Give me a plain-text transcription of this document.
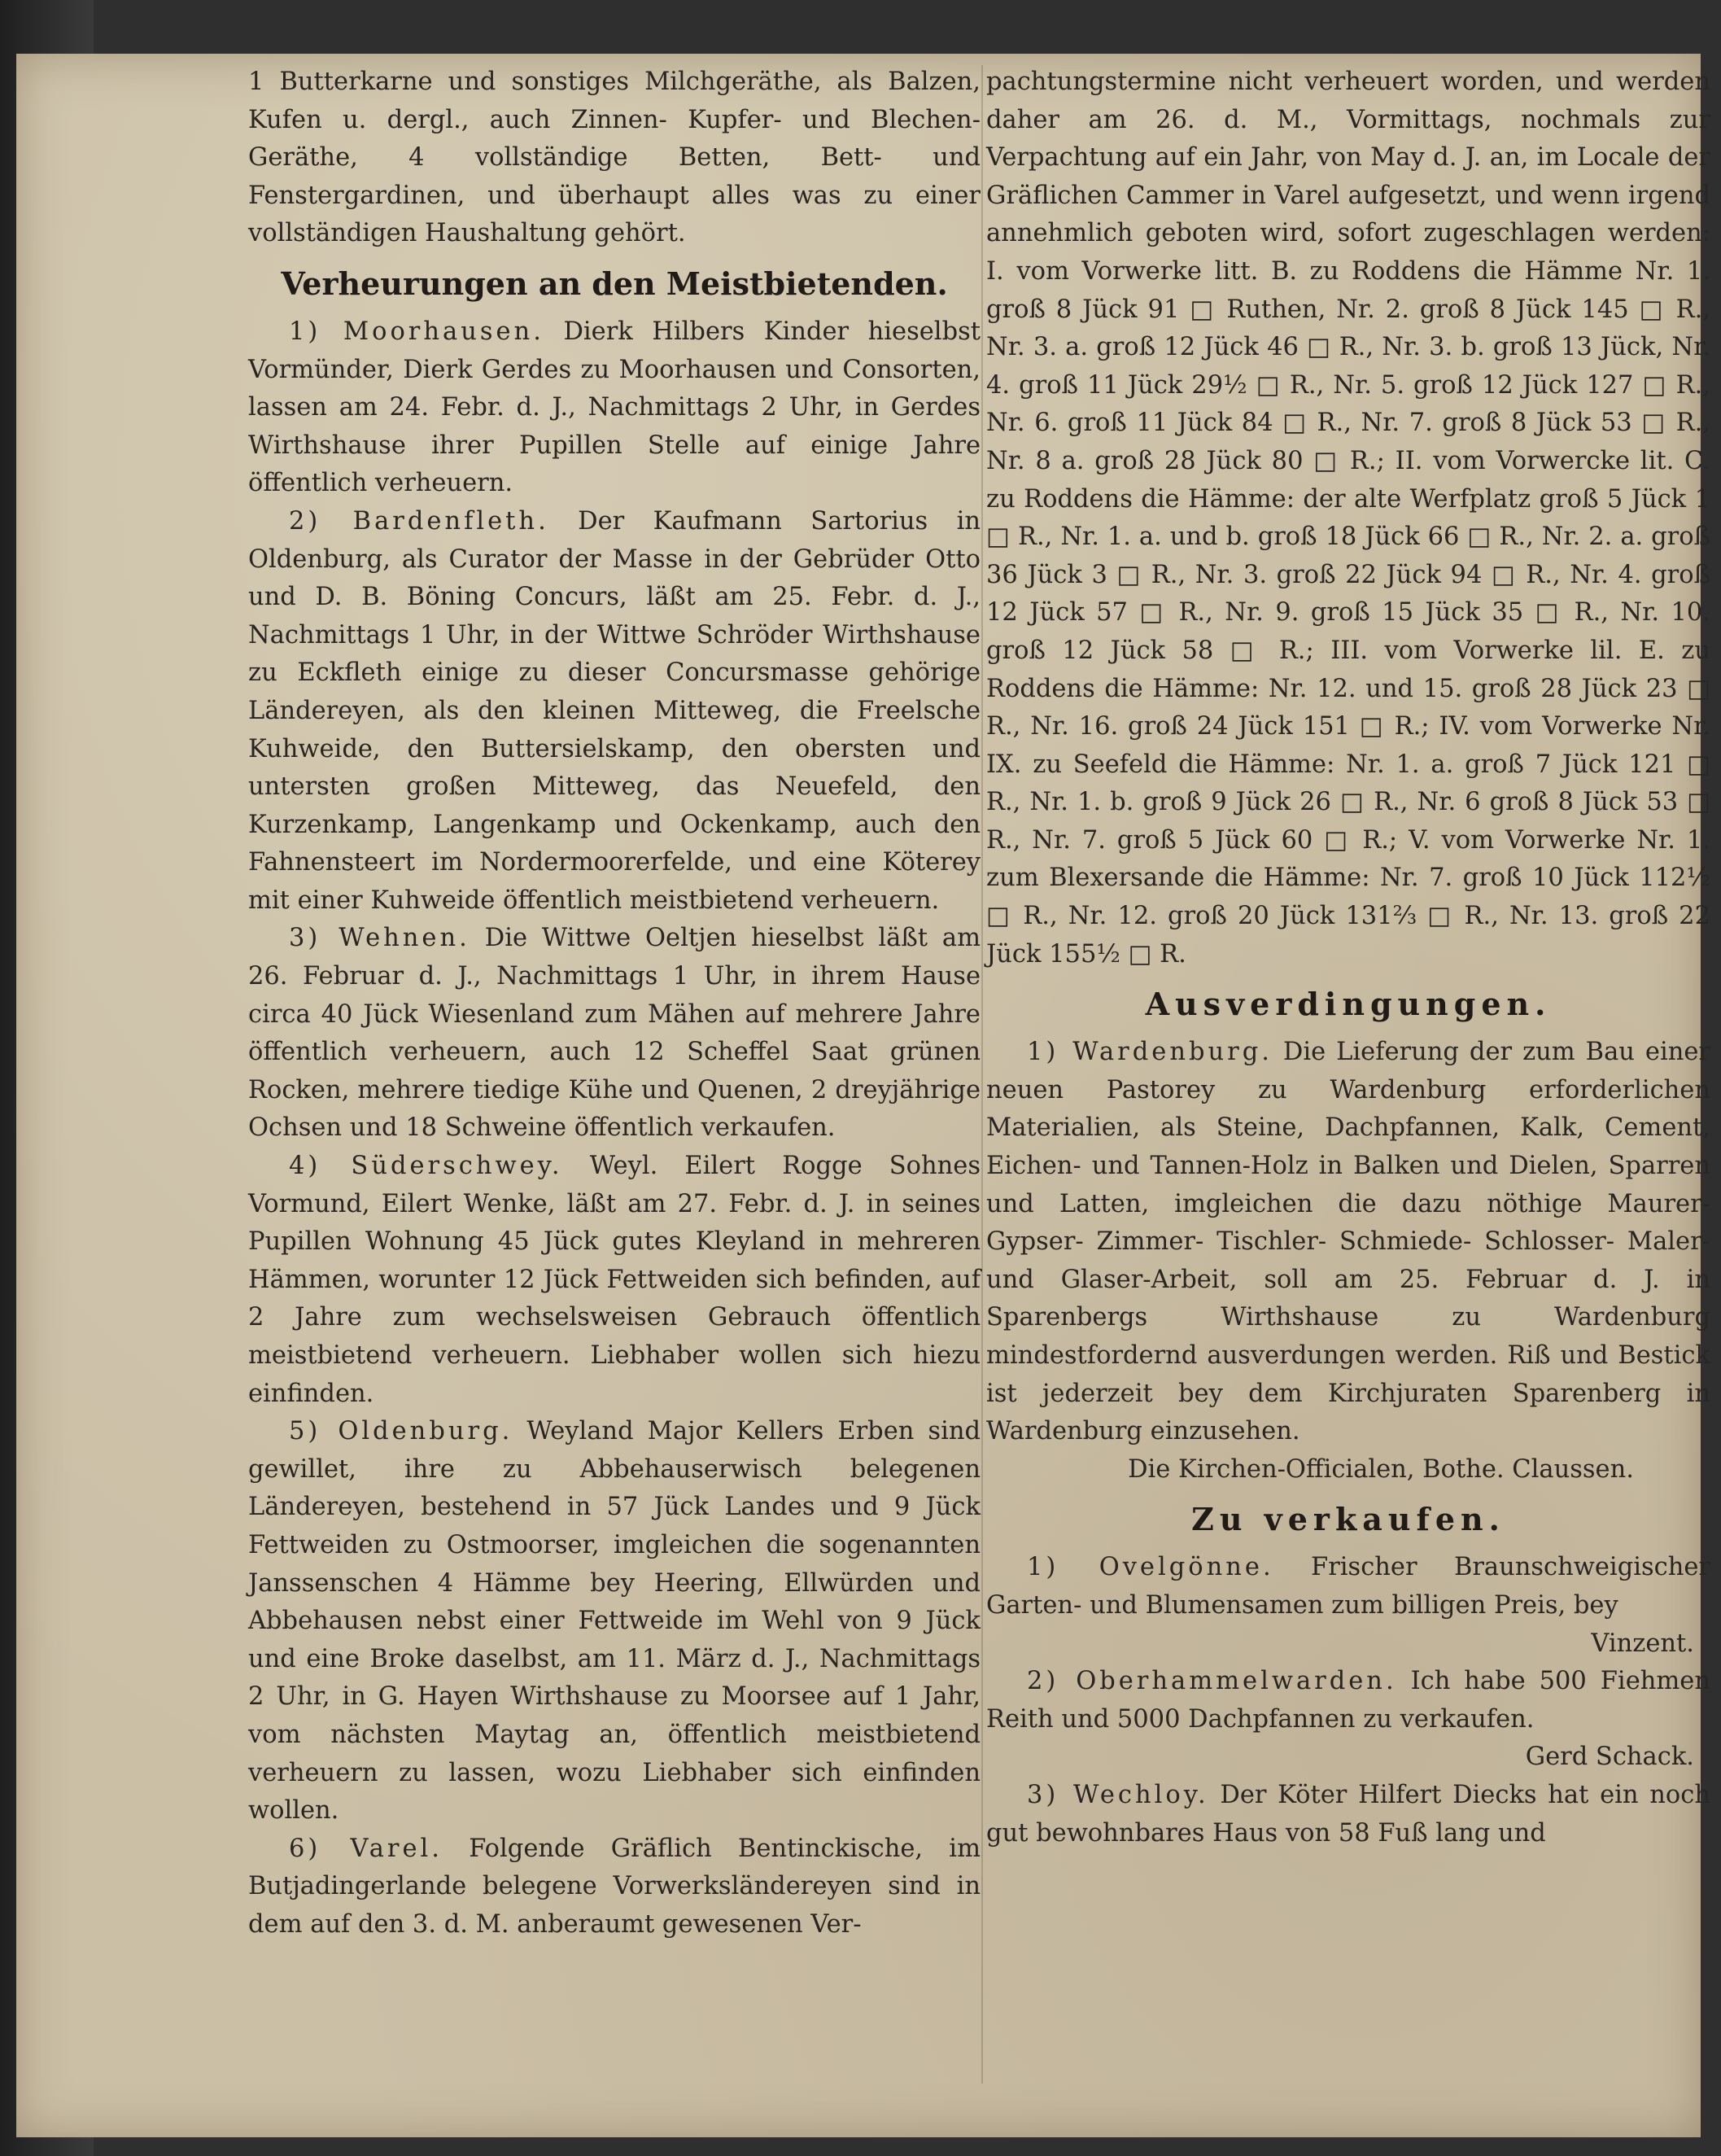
1 Butterkarne und sonstiges Milchgeräthe, als Balzen, Kufen u. dergl., auch Zinnen- Kupfer- und Blechen-Geräthe, 4 vollständige Betten, Bett- und Fenstergardinen, und überhaupt alles was zu einer vollständigen Haushaltung gehört.

Verheurungen an den Meistbietenden.

1) Moorhausen. Dierk Hilbers Kinder hieselbst Vormünder, Dierk Gerdes zu Moorhausen und Consorten, lassen am 24. Febr. d. J., Nachmittags 2 Uhr, in Gerdes Wirthshause ihrer Pupillen Stelle auf einige Jahre öffentlich verheuern.

2) Bardenfleth. Der Kaufmann Sartorius in Oldenburg, als Curator der Masse in der Gebrüder Otto und D. B. Böning Concurs, läßt am 25. Febr. d. J., Nachmittags 1 Uhr, in der Wittwe Schröder Wirthshause zu Eckfleth einige zu dieser Concursmasse gehörige Ländereyen, als den kleinen Mitteweg, die Freelsche Kuhweide, den Buttersielskamp, den obersten und untersten großen Mitteweg, das Neuefeld, den Kurzenkamp, Langenkamp und Ockenkamp, auch den Fahnensteert im Nordermoorerfelde, und eine Köterey mit einer Kuhweide öffentlich meistbietend verheuern.

3) Wehnen. Die Wittwe Oeltjen hieselbst läßt am 26. Februar d. J., Nachmittags 1 Uhr, in ihrem Hause circa 40 Jück Wiesenland zum Mähen auf mehrere Jahre öffentlich verheuern, auch 12 Scheffel Saat grünen Rocken, mehrere tiedige Kühe und Quenen, 2 dreyjährige Ochsen und 18 Schweine öffentlich verkaufen.

4) Süderschwey. Weyl. Eilert Rogge Sohnes Vormund, Eilert Wenke, läßt am 27. Febr. d. J. in seines Pupillen Wohnung 45 Jück gutes Kleyland in mehreren Hämmen, worunter 12 Jück Fettweiden sich befinden, auf 2 Jahre zum wechselsweisen Gebrauch öffentlich meistbietend verheuern. Liebhaber wollen sich hiezu einfinden.

5) Oldenburg. Weyland Major Kellers Erben sind gewillet, ihre zu Abbehauserwisch belegenen Ländereyen, bestehend in 57 Jück Landes und 9 Jück Fettweiden zu Ostmoorser, imgleichen die sogenannten Janssenschen 4 Hämme bey Heering, Ellwürden und Abbehausen nebst einer Fettweide im Wehl von 9 Jück und eine Broke daselbst, am 11. März d. J., Nachmittags 2 Uhr, in G. Hayen Wirthshause zu Moorsee auf 1 Jahr, vom nächsten Maytag an, öffentlich meistbietend verheuern zu lassen, wozu Liebhaber sich einfinden wollen.

6) Varel. Folgende Gräflich Bentinckische, im Butjadingerlande belegene Vorwerksländereyen sind in dem auf den 3. d. M. anberaumt gewesenen Ver-

pachtungstermine nicht verheuert worden, und werden daher am 26. d. M., Vormittags, nochmals zur Verpachtung auf ein Jahr, von May d. J. an, im Locale der Gräflichen Cammer in Varel aufgesetzt, und wenn irgend annehmlich geboten wird, sofort zugeschlagen werden: I. vom Vorwerke litt. B. zu Roddens die Hämme Nr. 1. groß 8 Jück 91 □ Ruthen, Nr. 2. groß 8 Jück 145 □ R., Nr. 3. a. groß 12 Jück 46 □ R., Nr. 3. b. groß 13 Jück, Nr. 4. groß 11 Jück 29½ □ R., Nr. 5. groß 12 Jück 127 □ R., Nr. 6. groß 11 Jück 84 □ R., Nr. 7. groß 8 Jück 53 □ R., Nr. 8 a. groß 28 Jück 80 □ R.; II. vom Vorwercke lit. C. zu Roddens die Hämme: der alte Werfplatz groß 5 Jück 1 □ R., Nr. 1. a. und b. groß 18 Jück 66 □ R., Nr. 2. a. groß 36 Jück 3 □ R., Nr. 3. groß 22 Jück 94 □ R., Nr. 4. groß 12 Jück 57 □ R., Nr. 9. groß 15 Jück 35 □ R., Nr. 10. groß 12 Jück 58 □ R.; III. vom Vorwerke lil. E. zu Roddens die Hämme: Nr. 12. und 15. groß 28 Jück 23 □ R., Nr. 16. groß 24 Jück 151 □ R.; IV. vom Vorwerke Nr. IX. zu Seefeld die Hämme: Nr. 1. a. groß 7 Jück 121 □ R., Nr. 1. b. groß 9 Jück 26 □ R., Nr. 6 groß 8 Jück 53 □ R., Nr. 7. groß 5 Jück 60 □ R.; V. vom Vorwerke Nr. 1. zum Blexersande die Hämme: Nr. 7. groß 10 Jück 112½ □ R., Nr. 12. groß 20 Jück 131⅔ □ R., Nr. 13. groß 22 Jück 155½ □ R.

Ausverdingungen.

1) Wardenburg. Die Lieferung der zum Bau einer neuen Pastorey zu Wardenburg erforderlichen Materialien, als Steine, Dachpfannen, Kalk, Cement, Eichen- und Tannen-Holz in Balken und Dielen, Sparren und Latten, imgleichen die dazu nöthige Maurer- Gypser- Zimmer- Tischler- Schmiede- Schlosser- Maler- und Glaser-Arbeit, soll am 25. Februar d. J. in Sparenbergs Wirthshause zu Wardenburg mindestfordernd ausverdungen werden. Riß und Bestick ist jederzeit bey dem Kirchjuraten Sparenberg in Wardenburg einzusehen.

Die Kirchen-Officialen, Bothe. Claussen.

Zu verkaufen.

1) Ovelgönne. Frischer Braunschweigischer Garten- und Blumensamen zum billigen Preis, bey

Vinzent.

2) Oberhammelwarden. Ich habe 500 Fiehmen Reith und 5000 Dachpfannen zu verkaufen.

Gerd Schack.

3) Wechloy. Der Köter Hilfert Diecks hat ein noch gut bewohnbares Haus von 58 Fuß lang und
